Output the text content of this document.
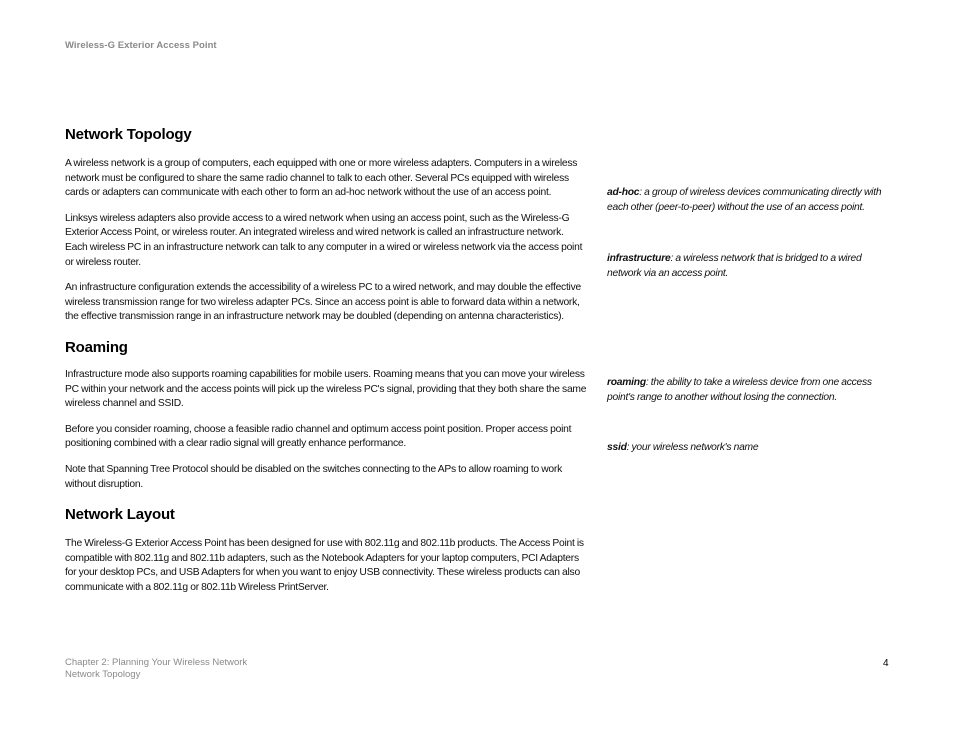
Wireless-G Exterior Access Point
Network Topology

A wireless network is a group of computers, each equipped with one or more wireless adapters. Computers in a wireless network must be configured to share the same radio channel to talk to each other. Several PCs equipped with wireless cards or adapters can communicate with each other to form an ad-hoc network without the use of an access point.

Linksys wireless adapters also provide access to a wired network when using an access point, such as the Wireless-G Exterior Access Point, or wireless router. An integrated wireless and wired network is called an infrastructure network. Each wireless PC in an infrastructure network can talk to any computer in a wired or wireless network via the access point or wireless router.

An infrastructure configuration extends the accessibility of a wireless PC to a wired network, and may double the effective wireless transmission range for two wireless adapter PCs. Since an access point is able to forward data within a network, the effective transmission range in an infrastructure network may be doubled (depending on antenna characteristics).

Roaming

Infrastructure mode also supports roaming capabilities for mobile users. Roaming means that you can move your wireless PC within your network and the access points will pick up the wireless PC's signal, providing that they both share the same wireless channel and SSID.

Before you consider roaming, choose a feasible radio channel and optimum access point position. Proper access point positioning combined with a clear radio signal will greatly enhance performance.

Note that Spanning Tree Protocol should be disabled on the switches connecting to the APs to allow roaming to work without disruption.

Network Layout

The Wireless-G Exterior Access Point has been designed for use with 802.11g and 802.11b products. The Access Point is compatible with 802.11g and 802.11b adapters, such as the Notebook Adapters for your laptop computers, PCI Adapters for your desktop PCs, and USB Adapters for when you want to enjoy USB connectivity. These wireless products can also communicate with a 802.11g or 802.11b Wireless PrintServer.

ad-hoc: a group of wireless devices communicating directly with each other (peer-to-peer) without the use of an access point.
infrastructure: a wireless network that is bridged to a wired network via an access point.
roaming: the ability to take a wireless device from one access point's range to another without losing the connection.
ssid: your wireless network's name
Chapter 2: Planning Your Wireless Network
Network Topology
4
